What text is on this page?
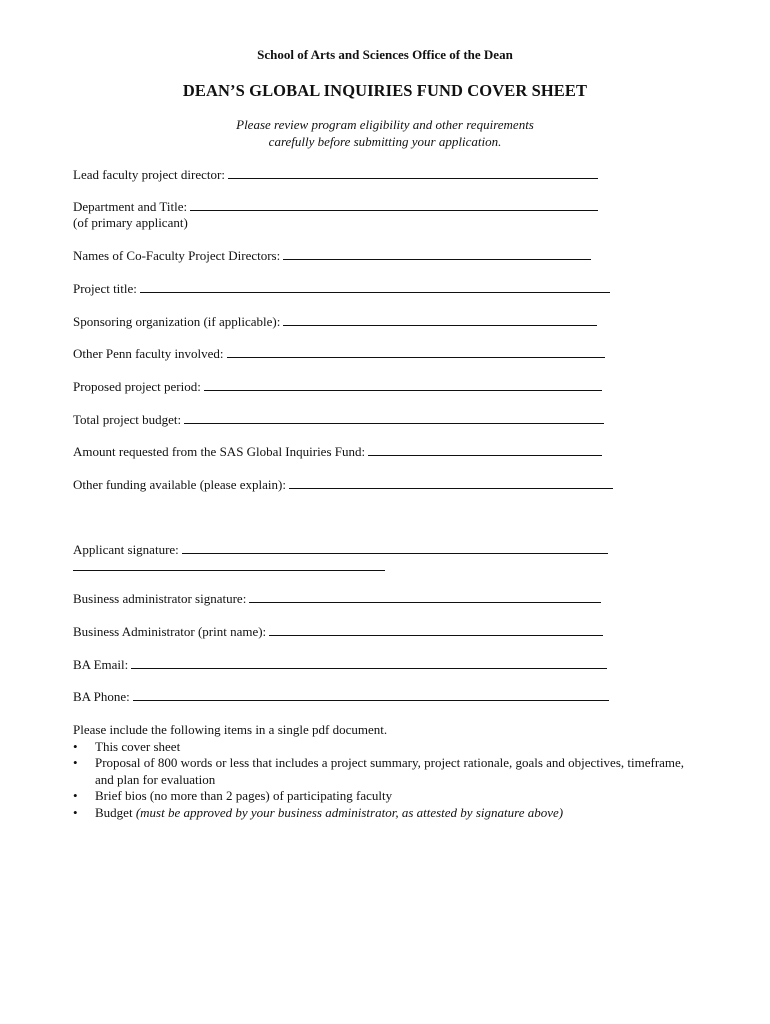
School of Arts and Sciences Office of the Dean
DEAN’S GLOBAL INQUIRIES FUND COVER SHEET
Please review program eligibility and other requirements
carefully before submitting your application.
Lead faculty project director:
Department and Title:
(of primary applicant)
Names of Co-Faculty Project Directors:
Project title:
Sponsoring organization (if applicable):
Other Penn faculty involved:
Proposed project period:
Total project budget:
Amount requested from the SAS Global Inquiries Fund:
Other funding available (please explain):
Applicant signature:
Business administrator signature:
Business Administrator (print name):
BA Email:
BA Phone:
Please include the following items in a single pdf document.
• This cover sheet
• Proposal of 800 words or less that includes a project summary, project rationale, goals and objectives, timeframe, and plan for evaluation
• Brief bios (no more than 2 pages) of participating faculty
• Budget (must be approved by your business administrator, as attested by signature above)
